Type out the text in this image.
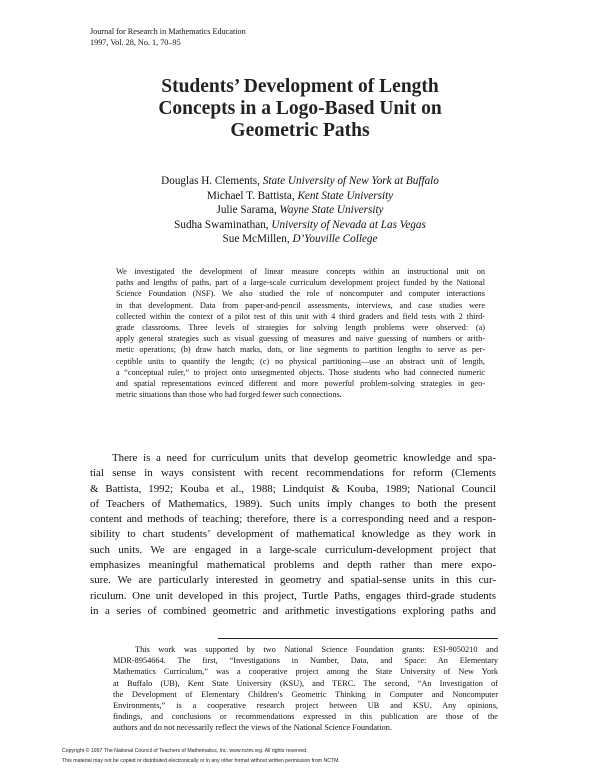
Journal for Research in Mathematics Education
1997, Vol. 28, No. 1, 70–95
Students’ Development of Length
Concepts in a Logo-Based Unit on
Geometric Paths
Douglas H. Clements, State University of New York at Buffalo
Michael T. Battista, Kent State University
Julie Sarama, Wayne State University
Sudha Swaminathan, University of Nevada at Las Vegas
Sue McMillen, D’Youville College
We investigated the development of linear measure concepts within an instructional unit on
paths and lengths of paths, part of a large-scale curriculum development project funded by the National
Science Foundation (NSF). We also studied the role of noncomputer and computer interactions
in that development. Data from paper-and-pencil assessments, interviews, and case studies were
collected within the context of a pilot test of this unit with 4 third graders and field tests with 2 third-
grade classrooms. Three levels of strategies for solving length problems were observed: (a)
apply general strategies such as visual guessing of measures and naive guessing of numbers or arith-
metic operations; (b) draw hatch marks, dots, or line segments to partition lengths to serve as per-
ceptible units to quantify the length; (c) no physical partitioning—use an abstract unit of length,
a “conceptual ruler,” to project onto unsegmented objects. Those students who had connected numeric
and spatial representations evinced different and more powerful problem-solving strategies in geo-
metric situations than those who had forged fewer such connections.
There is a need for curriculum units that develop geometric knowledge and spa-
tial sense in ways consistent with recent recommendations for reform (Clements
& Battista, 1992; Kouba et al., 1988; Lindquist & Kouba, 1989; National Council
of Teachers of Mathematics, 1989). Such units imply changes to both the present
content and methods of teaching; therefore, there is a corresponding need and a respon-
sibility to chart students’ development of mathematical knowledge as they work in
such units. We are engaged in a large-scale curriculum-development project that
emphasizes meaningful mathematical problems and depth rather than mere expo-
sure. We are particularly interested in geometry and spatial-sense units in this cur-
riculum. One unit developed in this project, Turtle Paths, engages third-grade students
in a series of combined geometric and arithmetic investigations exploring paths and
This work was supported by two National Science Foundation grants: ESI-9050210 and
MDR-8954664. The first, “Investigations in Number, Data, and Space: An Elementary
Mathematics Curriculum,” was a cooperative project among the State University of New York
at Buffalo (UB), Kent State University (KSU), and TERC. The second, “An Investigation of
the Development of Elementary Children’s Geometric Thinking in Computer and Noncomputer
Environments,” is a cooperative research project between UB and KSU. Any opinions,
findings, and conclusions or recommendations expressed in this publication are those of the
authors and do not necessarily reflect the views of the National Science Foundation.
Copyright © 1997 The National Council of Teachers of Mathematics, Inc. www.nctm.org. All rights reserved.
This material may not be copied or distributed electronically or in any other format without written permission from NCTM.
